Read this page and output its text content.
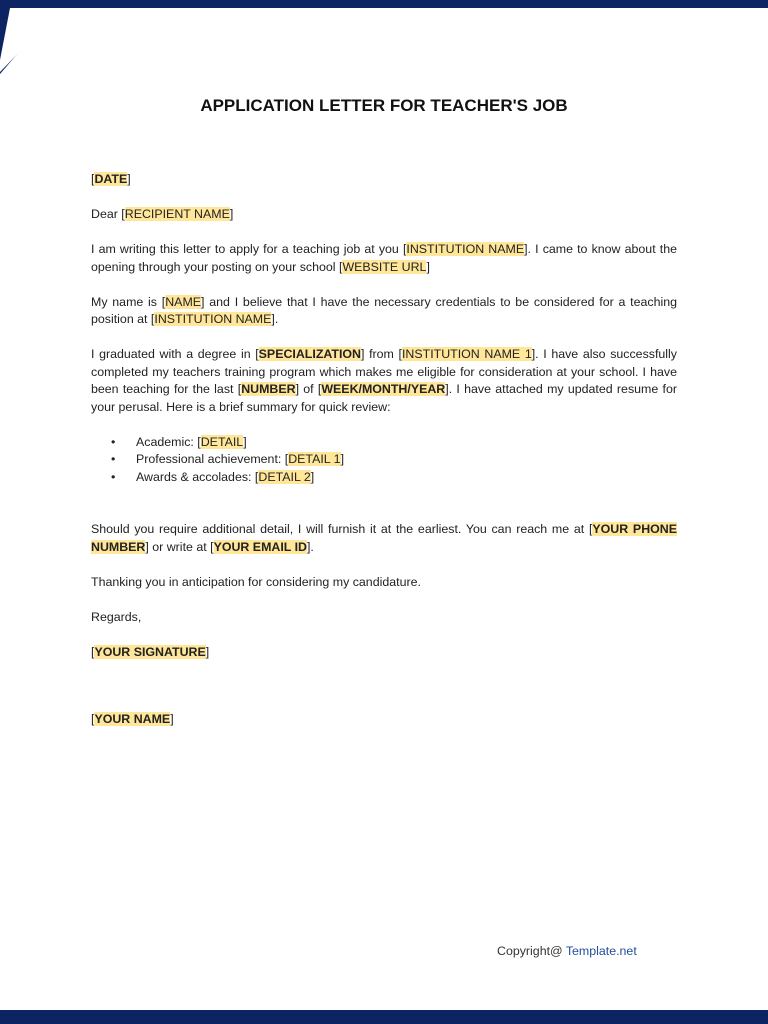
APPLICATION LETTER FOR TEACHER'S JOB

[DATE]

Dear [RECIPIENT NAME]

I am writing this letter to apply for a teaching job at you [INSTITUTION NAME]. I came to know about the opening through your posting on your school [WEBSITE URL]

My name is [NAME] and I believe that I have the necessary credentials to be considered for a teaching position at [INSTITUTION NAME].

I graduated with a degree in [SPECIALIZATION] from [INSTITUTION NAME 1]. I have also successfully completed my teachers training program which makes me eligible for consideration at your school. I have been teaching for the last [NUMBER] of [WEEK/MONTH/YEAR]. I have attached my updated resume for your perusal. Here is a brief summary for quick review:

• Academic: [DETAIL]
• Professional achievement: [DETAIL 1]
• Awards & accolades: [DETAIL 2]

Should you require additional detail, I will furnish it at the earliest. You can reach me at [YOUR PHONE NUMBER] or write at [YOUR EMAIL ID].

Thanking you in anticipation for considering my candidature.

Regards,

[YOUR SIGNATURE]

[YOUR NAME]

Copyright@ Template.net
